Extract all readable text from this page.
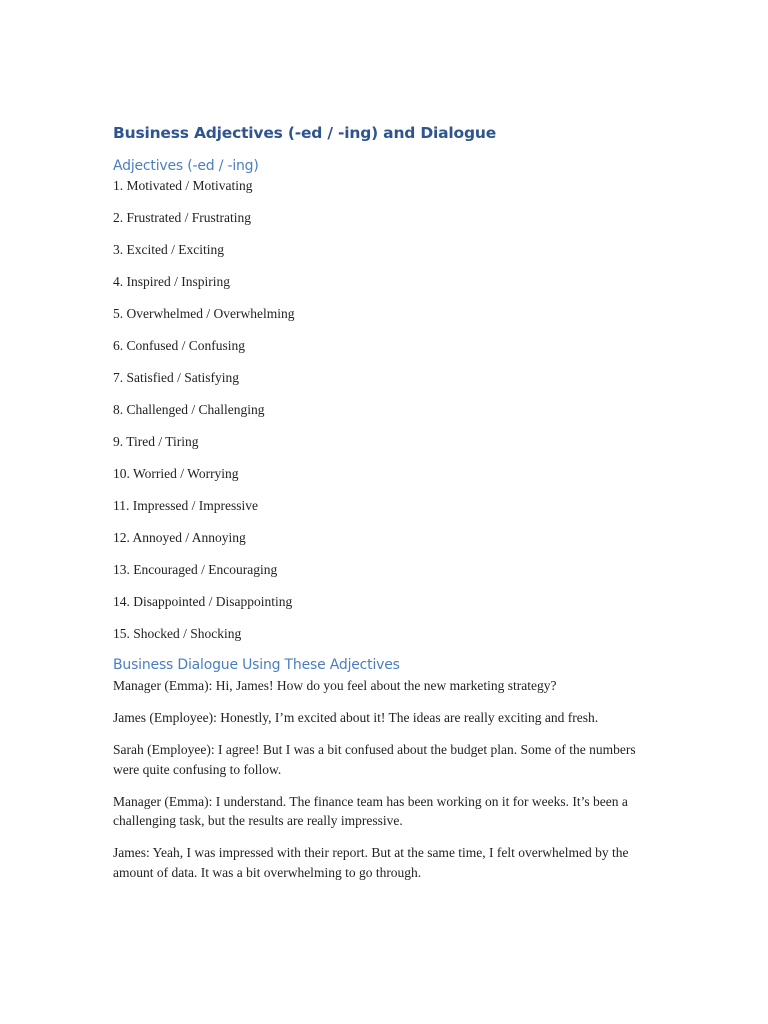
Business Adjectives (-ed / -ing) and Dialogue
Adjectives (-ed / -ing)
1. Motivated / Motivating
2. Frustrated / Frustrating
3. Excited / Exciting
4. Inspired / Inspiring
5. Overwhelmed / Overwhelming
6. Confused / Confusing
7. Satisfied / Satisfying
8. Challenged / Challenging
9. Tired / Tiring
10. Worried / Worrying
11. Impressed / Impressive
12. Annoyed / Annoying
13. Encouraged / Encouraging
14. Disappointed / Disappointing
15. Shocked / Shocking
Business Dialogue Using These Adjectives
Manager (Emma): Hi, James! How do you feel about the new marketing strategy?
James (Employee): Honestly, I’m excited about it! The ideas are really exciting and fresh.
Sarah (Employee): I agree! But I was a bit confused about the budget plan. Some of the numbers were quite confusing to follow.
Manager (Emma): I understand. The finance team has been working on it for weeks. It’s been a challenging task, but the results are really impressive.
James: Yeah, I was impressed with their report. But at the same time, I felt overwhelmed by the amount of data. It was a bit overwhelming to go through.
